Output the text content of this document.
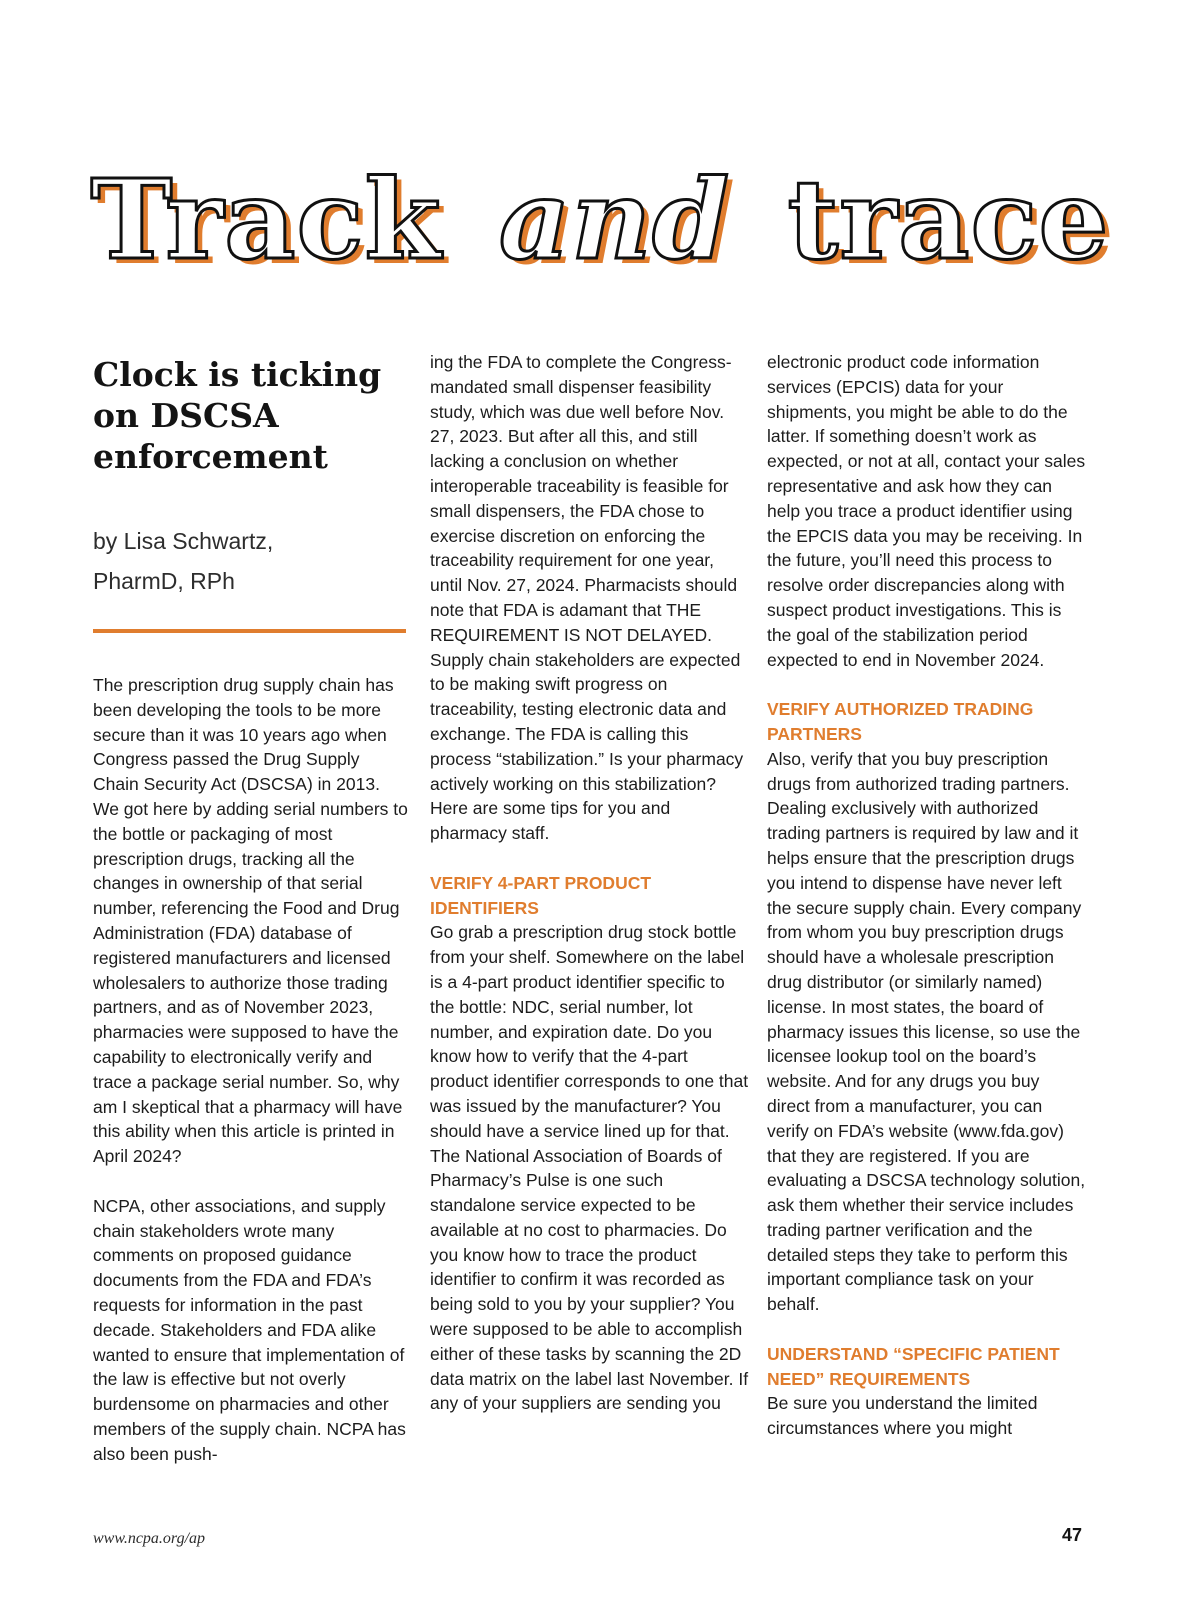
Track and trace
Clock is ticking on DSCSA enforcement
by Lisa Schwartz,
PharmD, RPh

The prescription drug supply chain has been developing the tools to be more secure than it was 10 years ago when Congress passed the Drug Supply Chain Security Act (DSCSA) in 2013. We got here by adding serial numbers to the bottle or packaging of most prescription drugs, tracking all the changes in ownership of that serial number, referencing the Food and Drug Administration (FDA) database of registered manufacturers and licensed wholesalers to authorize those trading partners, and as of November 2023, pharmacies were supposed to have the capability to electronically verify and trace a package serial number. So, why am I skeptical that a pharmacy will have this ability when this article is printed in April 2024?

NCPA, other associations, and supply chain stakeholders wrote many comments on proposed guidance documents from the FDA and FDA’s requests for information in the past decade. Stakeholders and FDA alike wanted to ensure that implementation of the law is effective but not overly burdensome on pharmacies and other members of the supply chain. NCPA has also been push-

ing the FDA to complete the Congress-mandated small dispenser feasibility study, which was due well before Nov. 27, 2023. But after all this, and still lacking a conclusion on whether interoperable traceability is feasible for small dispensers, the FDA chose to exercise discretion on enforcing the traceability requirement for one year, until Nov. 27, 2024. Pharmacists should note that FDA is adamant that THE REQUIREMENT IS NOT DELAYED. Supply chain stakeholders are expected to be making swift progress on traceability, testing electronic data and exchange. The FDA is calling this process “stabilization.” Is your pharmacy actively working on this stabilization? Here are some tips for you and pharmacy staff.

VERIFY 4-PART PRODUCT IDENTIFIERS

Go grab a prescription drug stock bottle from your shelf. Somewhere on the label is a 4-part product identifier specific to the bottle: NDC, serial number, lot number, and expiration date. Do you know how to verify that the 4-part product identifier corresponds to one that was issued by the manufacturer? You should have a service lined up for that. The National Association of Boards of Pharmacy’s Pulse is one such standalone service expected to be available at no cost to pharmacies. Do you know how to trace the product identifier to confirm it was recorded as being sold to you by your supplier? You were supposed to be able to accomplish either of these tasks by scanning the 2D data matrix on the label last November. If any of your suppliers are sending you

electronic product code information services (EPCIS) data for your shipments, you might be able to do the latter. If something doesn’t work as expected, or not at all, contact your sales representative and ask how they can help you trace a product identifier using the EPCIS data you may be receiving. In the future, you’ll need this process to resolve order discrepancies along with suspect product investigations. This is the goal of the stabilization period expected to end in November 2024.

VERIFY AUTHORIZED TRADING PARTNERS

Also, verify that you buy prescription drugs from authorized trading partners. Dealing exclusively with authorized trading partners is required by law and it helps ensure that the prescription drugs you intend to dispense have never left the secure supply chain. Every company from whom you buy prescription drugs should have a wholesale prescription drug distributor (or similarly named) license. In most states, the board of pharmacy issues this license, so use the licensee lookup tool on the board’s website. And for any drugs you buy direct from a manufacturer, you can verify on FDA’s website (www.fda.gov) that they are registered. If you are evaluating a DSCSA technology solution, ask them whether their service includes trading partner verification and the detailed steps they take to perform this important compliance task on your behalf.

UNDERSTAND “SPECIFIC PATIENT NEED” REQUIREMENTS

Be sure you understand the limited circumstances where you might

www.ncpa.org/ap	47
